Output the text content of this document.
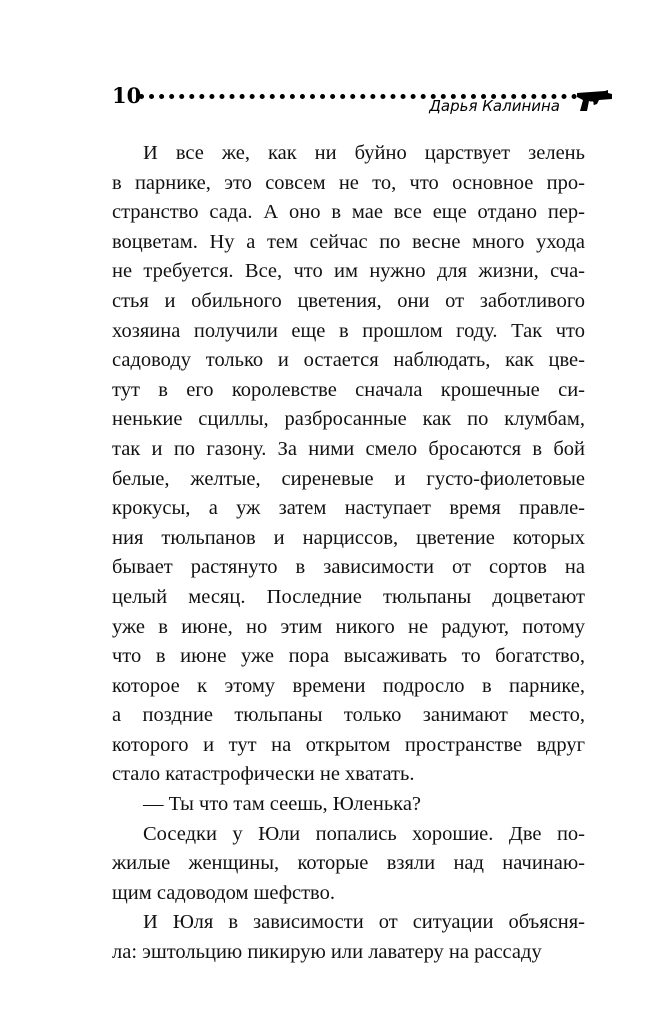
10	Дарья Калинина

И все же, как ни буйно царствует зелень

в парнике, это совсем не то, что основное про-

странство сада. А оно в мае все еще отдано пер-

воцветам. Ну а тем сейчас по весне много ухода

не требуется. Все, что им нужно для жизни, сча-

стья и обильного цветения, они от заботливого

хозяина получили еще в прошлом году. Так что

садоводу только и остается наблюдать, как цве-

тут в его королевстве сначала крошечные си-

ненькие сциллы, разбросанные как по клумбам,

так и по газону. За ними смело бросаются в бой

белые, желтые, сиреневые и густо-фиолетовые

крокусы, а уж затем наступает время правле-

ния тюльпанов и нарциссов, цветение которых

бывает растянуто в зависимости от сортов на

целый месяц. Последние тюльпаны доцветают

уже в июне, но этим никого не радуют, потому

что в июне уже пора высаживать то богатство,

которое к этому времени подросло в парнике,

а поздние тюльпаны только занимают место,

которого и тут на открытом пространстве вдруг

стало катастрофически не хватать.

— Ты что там сеешь, Юленька?

Соседки у Юли попались хорошие. Две по-

жилые женщины, которые взяли над начинаю-

щим садоводом шефство.

И Юля в зависимости от ситуации объясня-

ла: эштольцию пикирую или лаватеру на рассаду
